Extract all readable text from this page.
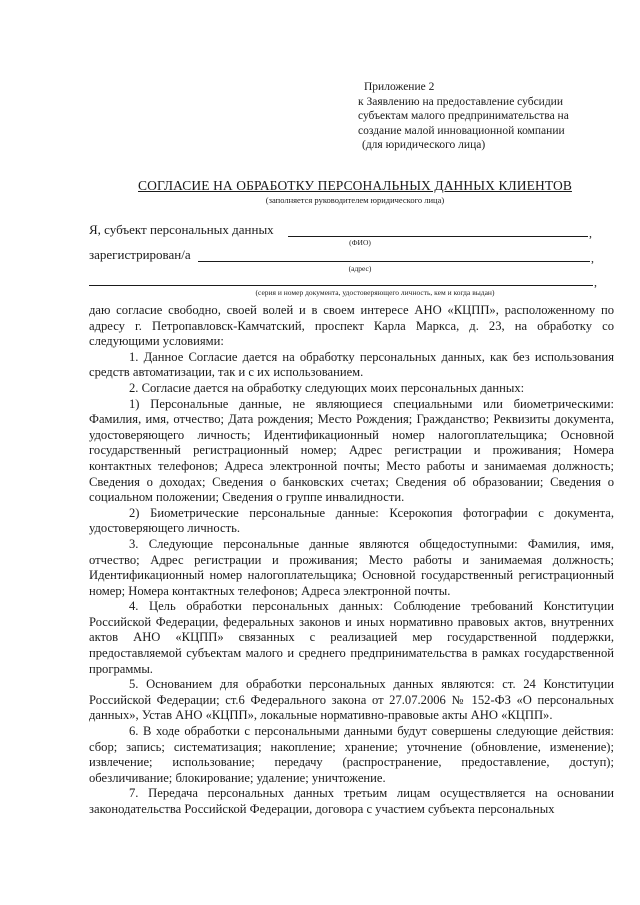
Приложение 2
к Заявлению на предоставление субсидии
субъектам малого предпринимательства на
создание малой инновационной компании
(для юридического лица)
СОГЛАСИЕ НА ОБРАБОТКУ ПЕРСОНАЛЬНЫХ ДАННЫХ КЛИЕНТОВ
(заполняется руководителем юридического лица)
Я, субъект персональных данных	,
(ФИО)
зарегистрирован/а	,
(адрес)
,
(серия и номер документа, удостоверяющего личность, кем и когда выдан)

даю согласие свободно, своей волей и в своем интересе АНО «КЦПП», расположенному по адресу г. Петропавловск-Камчатский, проспект Карла Маркса, д. 23, на обработку со следующими условиями:

1. Данное Согласие дается на обработку персональных данных, как без использования средств автоматизации, так и с их использованием.

2. Согласие дается на обработку следующих моих персональных данных:

1) Персональные данные, не являющиеся специальными или биометрическими: Фамилия, имя, отчество; Дата рождения; Место Рождения; Гражданство; Реквизиты документа, удостоверяющего личность; Идентификационный номер налогоплательщика; Основной государственный регистрационный номер; Адрес регистрации и проживания; Номера контактных телефонов; Адреса электронной почты; Место работы и занимаемая должность; Сведения о доходах; Сведения о банковских счетах; Сведения об образовании; Сведения о социальном положении; Сведения о группе инвалидности.

2) Биометрические персональные данные: Ксерокопия фотографии с документа, удостоверяющего личность.

3. Следующие персональные данные являются общедоступными: Фамилия, имя, отчество; Адрес регистрации и проживания; Место работы и занимаемая должность; Идентификационный номер налогоплательщика; Основной государственный регистрационный номер; Номера контактных телефонов; Адреса электронной почты.

4. Цель обработки персональных данных: Соблюдение требований Конституции Российской Федерации, федеральных законов и иных нормативно правовых актов, внутренних актов АНО «КЦПП» связанных с реализацией мер государственной поддержки, предоставляемой субъектам малого и среднего предпринимательства в рамках государственной программы.

5. Основанием для обработки персональных данных являются: ст. 24 Конституции Российской Федерации; ст.6 Федерального закона от 27.07.2006 № 152-ФЗ «О персональных данных», Устав АНО «КЦПП», локальные нормативно-правовые акты АНО «КЦПП».

6. В ходе обработки с персональными данными будут совершены следующие действия: сбор; запись; систематизация; накопление; хранение; уточнение (обновление, изменение); извлечение; использование; передачу (распространение, предоставление, доступ); обезличивание; блокирование; удаление; уничтожение.

7. Передача персональных данных третьим лицам осуществляется на основании законодательства Российской Федерации, договора с участием субъекта персональных
